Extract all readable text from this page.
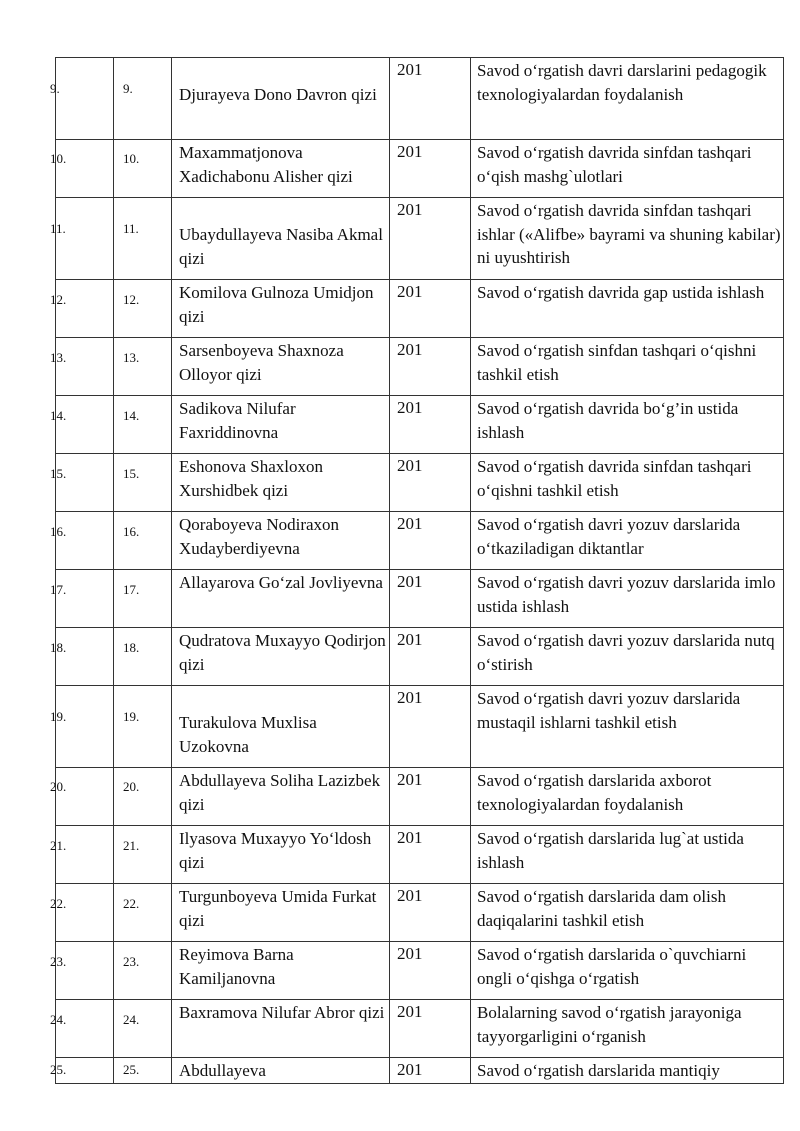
9.	9.	Djurayeva Dono Davron qizi	201	Savod o‘rgatish davri darslarini pedagogik texnologiyalardan foydalanish

10.	10.	Maxammatjonova Xadichabonu Alisher qizi	201	Savod o‘rgatish davrida sinfdan tashqari o‘qish mashg`ulotlari

11.	11.	Ubaydullayeva Nasiba Akmal qizi	201	Savod o‘rgatish davrida sinfdan tashqari ishlar («Alifbe» bayrami va shuning kabilar) ni uyushtirish

12.	12.	Komilova Gulnoza Umidjon qizi	201	Savod o‘rgatish davrida gap ustida ishlash

13.	13.	Sarsenboyeva Shaxnoza Olloyor qizi	201	Savod o‘rgatish sinfdan tashqari o‘qishni tashkil etish

14.	14.	Sadikova Nilufar Faxriddinovna	201	Savod o‘rgatish davrida bo‘g’in ustida ishlash

15.	15.	Eshonova Shaxloxon Xurshidbek qizi	201	Savod o‘rgatish davrida sinfdan tashqari o‘qishni tashkil etish

16.	16.	Qoraboyeva Nodiraxon Xudayberdiyevna	201	Savod o‘rgatish davri yozuv darslarida o‘tkaziladigan diktantlar

17.	17.	Allayarova Go‘zal Jovliyevna	201	Savod o‘rgatish davri yozuv darslarida imlo ustida ishlash

18.	18.	Qudratova Muxayyo Qodirjon qizi	201	Savod o‘rgatish davri yozuv darslarida nutq o‘stirish

19.	19.	Turakulova Muxlisa Uzokovna	201	Savod o‘rgatish davri yozuv darslarida mustaqil ishlarni tashkil etish

20.	20.	Abdullayeva Soliha Lazizbek qizi	201	Savod o‘rgatish darslarida axborot texnologiyalardan foydalanish

21.	21.	Ilyasova Muxayyo Yo‘ldosh qizi	201	Savod o‘rgatish darslarida lug`at ustida ishlash

22.	22.	Turgunboyeva Umida Furkat qizi	201	Savod o‘rgatish darslarida dam olish daqiqalarini tashkil etish

23.	23.	Reyimova Barna Kamiljanovna	201	Savod o‘rgatish darslarida o`quvchiarni ongli o‘qishga o‘rgatish

24.	24.	Baxramova Nilufar Abror qizi	201	Bolalarning savod o‘rgatish jarayoniga tayyorgarligini o‘rganish

25.	25.	Abdullayeva	201	Savod o‘rgatish darslarida mantiqiy
